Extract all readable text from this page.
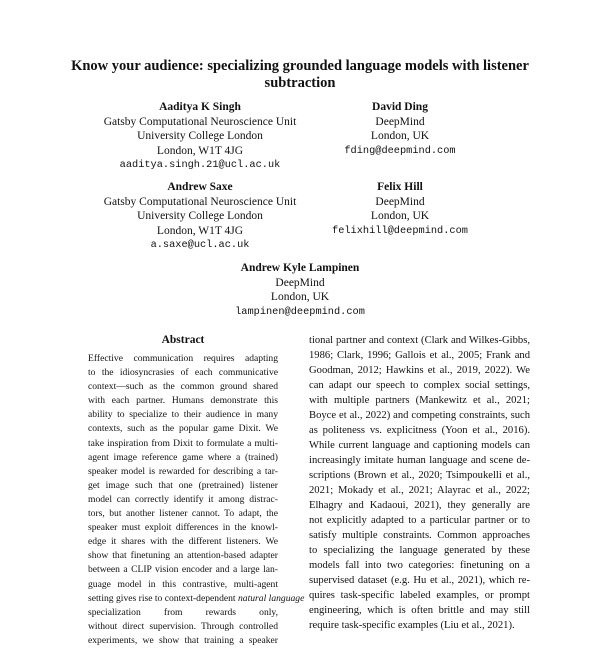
Know your audience: specializing grounded language models with listener
subtraction
Aaditya K Singh
Gatsby Computational Neuroscience Unit
University College London
London, W1T 4JG
aaditya.singh.21@ucl.ac.uk
David Ding
DeepMind
London, UK
fding@deepmind.com
Andrew Saxe
Gatsby Computational Neuroscience Unit
University College London
London, W1T 4JG
a.saxe@ucl.ac.uk
Felix Hill
DeepMind
London, UK
felixhill@deepmind.com
Andrew Kyle Lampinen
DeepMind
London, UK
lampinen@deepmind.com
Abstract
Effective communication requires adapting
to the idiosyncrasies of each communicative
context—such as the common ground shared
with each partner. Humans demonstrate this
ability to specialize to their audience in many
contexts, such as the popular game Dixit. We
take inspiration from Dixit to formulate a multi-
agent image reference game where a (trained)
speaker model is rewarded for describing a tar-
get image such that one (pretrained) listener
model can correctly identify it among distrac-
tors, but another listener cannot. To adapt, the
speaker must exploit differences in the knowl-
edge it shares with the different listeners. We
show that finetuning an attention-based adapter
between a CLIP vision encoder and a large lan-
guage model in this contrastive, multi-agent
setting gives rise to context-dependent natural language
specialization from rewards only,
without direct supervision. Through controlled
experiments, we show that training a speaker
tional partner and context (Clark and Wilkes-Gibbs,
1986; Clark, 1996; Gallois et al., 2005; Frank and
Goodman, 2012; Hawkins et al., 2019, 2022). We
can adapt our speech to complex social settings,
with multiple partners (Mankewitz et al., 2021;
Boyce et al., 2022) and competing constraints, such
as politeness vs. explicitness (Yoon et al., 2016).
While current language and captioning models can
increasingly imitate human language and scene de-
scriptions (Brown et al., 2020; Tsimpoukelli et al.,
2021; Mokady et al., 2021; Alayrac et al., 2022;
Elhagry and Kadaoui, 2021), they generally are
not explicitly adapted to a particular partner or to
satisfy multiple constraints. Common approaches
to specializing the language generated by these
models fall into two categories: finetuning on a
supervised dataset (e.g. Hu et al., 2021), which re-
quires task-specific labeled examples, or prompt
engineering, which is often brittle and may still
require task-specific examples (Liu et al., 2021).
